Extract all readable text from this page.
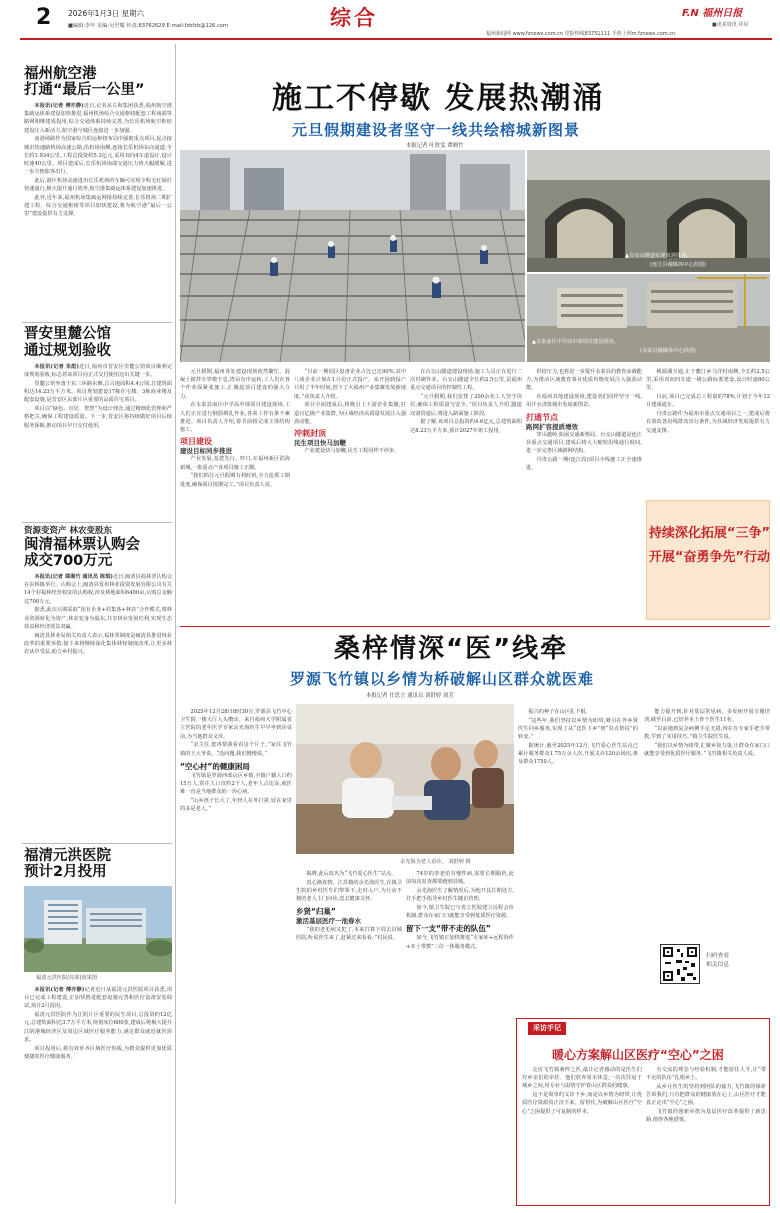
2 2026年1月3日 星期六
■编辑:李年 美编:吴世耀 传真:83762629 E-mail:fzbfzb@126.com	综合	F.N 福州日报
■更多资讯 详见
福州新闻网 www.fznews.com.cn 党报热线83751111 手机上网m.fznews.com.cn
福州航空港
打通“最后一公里”

本报讯(记者 傅亦静)近日,记者从左海集团获悉,福州航空港集疏运体系建设加快推进,福州机场综合交通枢纽配套工程南端等路网相继建成投用,综合交通体系持续完善,为长乐机场航空枢纽建设注入新活力,航空港与城区连接进一步加强。

南港场路作为国家综合的运枢纽布局中强链重点项目,起点接城市快速路机场高速公路,沿机场南侧,连接长乐机场东向通道,全长约1.934公里,工程总投资约5.3亿元,采用双向4车道设计,设计时速40公里。项目建成后,长乐机场南端交通压力将大幅缓解,进一步方便旅客出行。

此后,港区机场高速进出长乐机场的车辆可实现全程无红绿灯快速通行,极大提升通行效率,航空港集疏运体系建设加速推进。

此外,近年来,福州机场集疏运网络持续完善,长乐机场二期扩建工程、综合交通枢纽等项目加快建设,将为航空港“最后一公里”建设提供有力支撑。

晋安里麓公馆
通过规划验收

本报讯(记者 朱彪)近日,福州市晋安区里麓公馆项目顺利完成规划验收,标志着该项目向正式交付使用迈出关键一步。

里麓公馆坐落于东三环路东侧,总占地面积4.4公顷,总建筑面积达14.23万平方米。项目规划建设17栋住宅楼、3栋商业楼及配套设施,是晋安区东部片区重要的品质住宅项目。

项目以“绿色、宜居、智慧”为设计理念,通过精细化管理和严格把关,确保工程建设质量。下一步,晋安区将持续做好项目后续服务保障,推动项目早日交付使用。

资源变资产 林农变股东
闽清福林票认购会
成交700万元

本报讯(记者 谭湘竹 通讯员 陈琪)近日,闽清县福林票认购会在东桥镇举行。认购会上,闽清县发布林业投资发展有限公司有关14个村福林经营权证的认购权,涉及林地面积6400亩,认购总金额达700万元。

据悉,此次认购采取“国有企业+村集体+林农”合作模式,将林业资源转化为资产,林农变身为股东,共享林业发展红利,实现生态效益和经济效益双赢。

闽清县林业局相关负责人表示,福林票制度是闽清县推进林业改革的重要举措,接下来将继续深化集体林权制度改革,让更多林农从中受益,助力乡村振兴。

福清元洪医院
预计2月投用
福清元洪医院(局部)效果图

本报讯(记者 傅亦静)记者近日从福清元洪医院项目获悉,项目已完成工程建设,正加快推进配套设施完善和医疗设备安装调试,预计2月投用。

福清元洪医院作为江阴片区重要的民生项目,总投资约12亿元,总建筑面积达3.7万平方米,规划床位600张,建成后将极大提升江阴港城经济区及周边区域医疗服务能力,满足群众就近就医需求。

项目投用后,将有效补齐区域医疗短板,为群众提供更加优质便捷的医疗健康服务。

施工不停歇 发展热潮涌
元旦假期建设者坚守一线共绘榕城新图景
本报记者 叶欣雯 谭湘竹
▲台交山隧道实现双洞贯通。
(连江县融媒体中心供图)
▲永泰南区中学高中部项目建设现场。
(永泰县融媒体中心供图)

元旦假期,福州各处建设现场依然繁忙。混凝土搅拌车穿梭不息,塔吊有序运转,工人们在各个作业面紧张施工,汇聚起项目建设的强大合力。

在永泰县南区中学高中部项目建设现场,工人们正在进行钢筋绑扎作业,各项工作有条不紊推进。项目负责人介绍,春节前将完成主体结构施工。

项目建设
建设目标同步推进

产业发展,基建先行。昨日,在福州新区滨海新城,一批重点产业项目施工正酣。

“我们抓住元旦假期有利时机,全力抢抓工期进度,确保项目按期完工。”项目负责人说。

“目前一期园区设备企业占比已达90%,其中八成企业计划在1月份正式投产。从开园到投产只用了半年时间,创下了大福州产业集聚发展新速度。”该负责人介绍。

项目全面建成后,将吸引上下游企业集聚,打造百亿级产业集群,为区域经济高质量发展注入强劲动能。

冲刺封顶
民生项目快马加鞭

产业建设快马加鞭,民生工程同样不停步。

在台交山隧道建设现场,施工人员正在进行二次衬砌作业。台交山隧道全长约2.5公里,是福州重点交通项目的控制性工程。

“元旦假期,我们安排了200余名工人坚守岗位,确保工程质量与安全。”项目负责人介绍,隧道双洞贯通后,将进入路面施工阶段。

据了解,该项目总投资约4.6亿元,总建筑面积达8.23万平方米,预计2027年竣工投用。

供给压力,也将进一步提升永泰县的教育承载能力,为推动区域教育事业优质均衡发展注入强劲动能。

在福州其他建设现场,建设者们同样坚守一线,用汗水浇筑城市发展新图景。

打通节点
路网扩容提质增效

穿山越岭,拓展交通新格局。台交山隧道是连江县重点交通项目,建成后将大大缩短沿线通行时间,进一步完善区域路网结构。

丹贵公路一期(连江段)项目全线施工正全速推进。

桃源溪互通,止于鳌江乡马洋村南侧,全长约2.5公里,采用双向四车道一级公路标准建设,设计时速80公里。

目前,项目已完成总工程量的78%,计划于今年12月建成通车。

丹贵公路作为福州市重点交通项目之一,建成后将有效改善沿线群众出行条件,为县域经济发展提供有力交通支撑。

持续深化拓展“三争”
开展“奋勇争先”行动
桑梓情深“医”线牵
罗源飞竹镇以乡情为桥破解山区群众就医难
本报记者 任思言 通讯员 刘舒婷 刘芳

2025年12月28日8时30分,罗源县飞竹中心卫生院一楼大厅人头攒动。来自福州大学附属省立医院的老年医学专家余光海医生早早坐到诊桌前,为当地群众义诊。

“余主任,您再帮我看看这个片子。”家住飞竹镇的王大爷说。“没问题,我们慢慢说。”

“空心村”的健康困局

飞竹镇是罗源西部山区乡镇,全镇户籍人口约15万人,常住人口仅约2千人,老年人占比高,就医难一直是当地群众的一块心病。

“山乡孩子长大了,年轻人在外打拼,留在家里的多是老人。”

余光海为老人看诊。 刘舒婷 摄

揭牌,此后改名为“飞竹爱心医生”站点。

真心换真情。江苏籍的余光海医生,在镇卫生院的乡村医生们带领下,走村入户,为行动不便的老人上门问诊,送去健康关怀。

乡贤“归巢”
激活基层医疗一池春水

“我的老毛病又犯了,本来打算下周去县城医院,听说医生来了,赶紧过来看看。”村民说。

74岁的李老伯有慢性病,需要长期服药,此前每次复查都要跑到县城。

余光海医生了解情况后,为他开具长期处方,并手把手指导乡村医生随访管理。

如今,镇卫生院已与省立医院建立远程会诊机制,群众在家门口就能享受到优质医疗资源。

留下一支“带不走的队伍”

如今,飞竹镇正加快推进“专家库+远程协作+本土带教”三位一体服务模式。

振兴的种子在山区扎下根。

“这些年,我们坚持以乡情为纽带,吸引在外乡贤医生回乡服务,实现了从“送医下乡”到“驻点帮扶”的转变。”

据统计,截至2025年12月,飞竹爱心医生站点已累计服务群众1.75万余人次,开展义诊120余场次,惠及群众1750人。

能力提升到,针对基层常见病、多发病开展专题培训,截至目前,已培养本土骨干医生11名。

“以前遇到复杂病例手足无措,现在有专家手把手带教,学到了实用技巧。”镇卫生院医生说。

“我们以乡情为纽带,汇聚乡贤力量,让群众在家门口就能享受到优质医疗服务。”飞竹镇相关负责人说。

扫码查看
相关信息
采访手记
暖心方案解山区医疗“空心”之困

走访飞竹镇桑梓之医,最让记者感动的是医生们对乡亲们的牵挂。他们放弃周末休息,一次次往返于城乡之间,用专业与温情守护着山区群众的健康。

这不是简单的义诊下乡,而是以乡情为纽带,让优质医疗资源真正沉下来、留得住,为破解山区医疗“空心”之困提供了可复制的样本。

有交流的理念与经验机制,才能留住人才,让“带不走的队伍”扎根乡土。

从乡月医生的坚持到团队的接力,飞竹镇的探索告诉我们,只有把群众的健康放在心上,山区医疗才能真正走出“空心”之困。

飞竹镇的创新举措为基层医疗改革提供了新思路,值得各地借鉴。
